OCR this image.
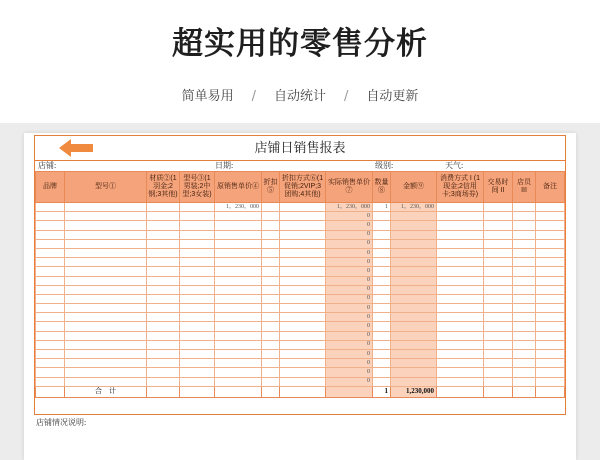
超实用的零售分析
简单易用 / 自动统计 / 自动更新
店铺日销售报表
店铺:	日期:	级别:	天气:
品牌	型号①	材质②(1羽金;2钢;3其他)	型号③(1男装;2中型;3女装)	原销售单价④	折扣⑤	折扣方式⑥(1促销;2VIP;3团购;4其他)	实际销售单价⑦	数量⑧	金额⑨	消费方式 I (1现金;2信用卡;3商场券)	交易时间 II	店员 III	备注
				1，230，000			1，230，000	1	1，230，000				
							0						
							0						
							0						
							0						
							0						
							0						
							0						
							0						
							0						
							0						
							0						
							0						
							0						
							0						
							0						
							0						
							0						
							0						
							0						
	合　计							1	1,230,000				
店铺情况说明:
